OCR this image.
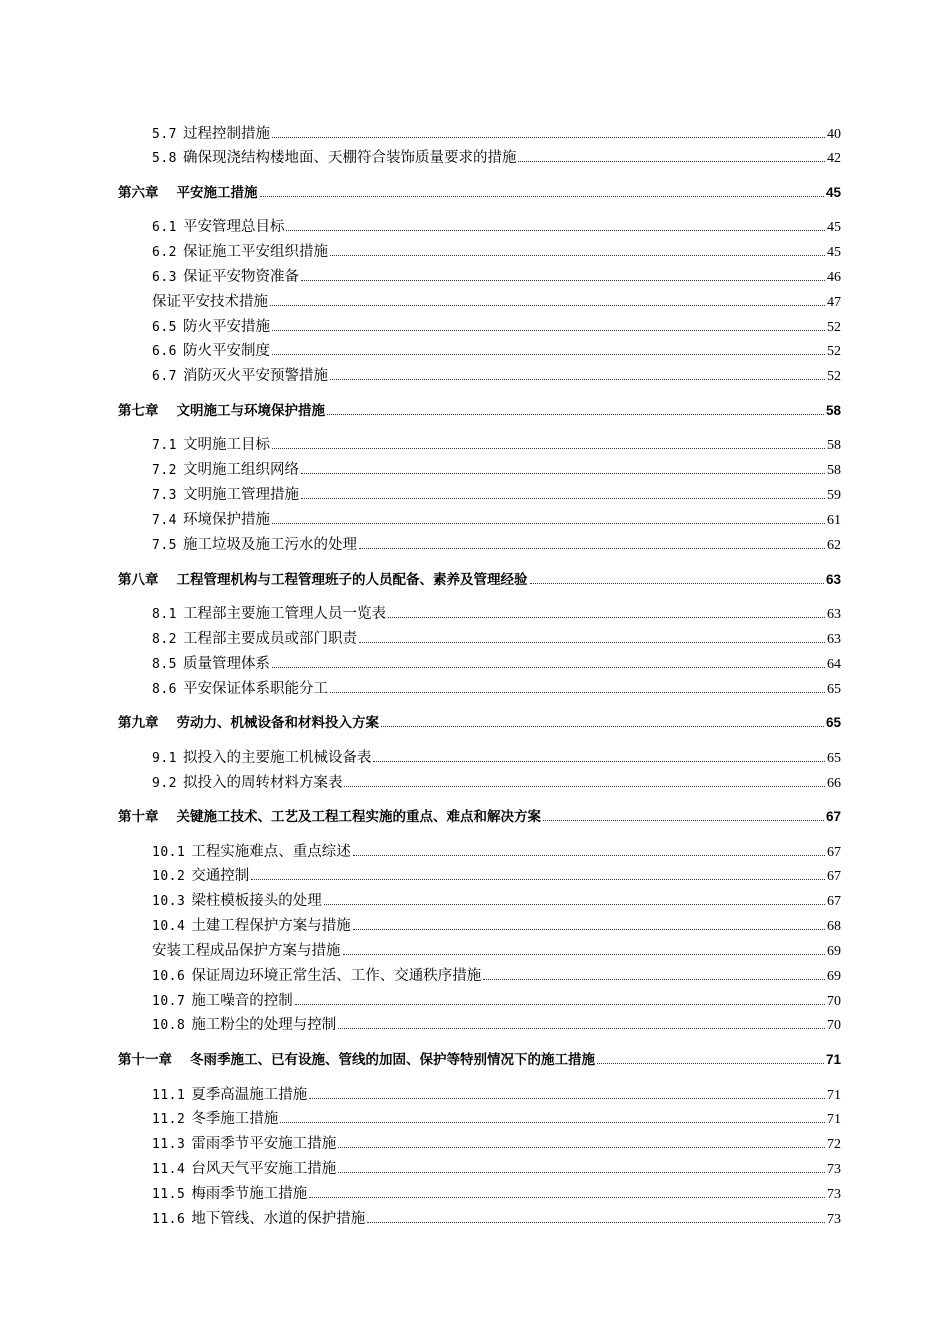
5.7 过程控制措施	40
5.8 确保现浇结构楼地面、天棚符合装饰质量要求的措施	42
第六章 平安施工措施	45
6.1 平安管理总目标	45
6.2 保证施工平安组织措施	45
6.3 保证平安物资准备	46
保证平安技术措施	47
6.5 防火平安措施	52
6.6 防火平安制度	52
6.7 消防灭火平安预警措施	52
第七章 文明施工与环境保护措施	58
7.1 文明施工目标	58
7.2 文明施工组织网络	58
7.3 文明施工管理措施	59
7.4 环境保护措施	61
7.5 施工垃圾及施工污水的处理	62
第八章 工程管理机构与工程管理班子的人员配备、素养及管理经验	63
8.1 工程部主要施工管理人员一览表	63
8.2 工程部主要成员或部门职责	63
8.5 质量管理体系	64
8.6 平安保证体系职能分工	65
第九章 劳动力、机械设备和材料投入方案	65
9.1 拟投入的主要施工机械设备表	65
9.2 拟投入的周转材料方案表	66
第十章 关键施工技术、工艺及工程工程实施的重点、难点和解决方案	67
10.1 工程实施难点、重点综述	67
10.2 交通控制	67
10.3 梁柱模板接头的处理	67
10.4 土建工程保护方案与措施	68
安装工程成品保护方案与措施	69
10.6 保证周边环境正常生活、工作、交通秩序措施	69
10.7 施工噪音的控制	70
10.8 施工粉尘的处理与控制	70
第十一章 冬雨季施工、已有设施、管线的加固、保护等特别情况下的施工措施	71
11.1 夏季高温施工措施	71
11.2 冬季施工措施	71
11.3 雷雨季节平安施工措施	72
11.4 台风天气平安施工措施	73
11.5 梅雨季节施工措施	73
11.6 地下管线、水道的保护措施	73
